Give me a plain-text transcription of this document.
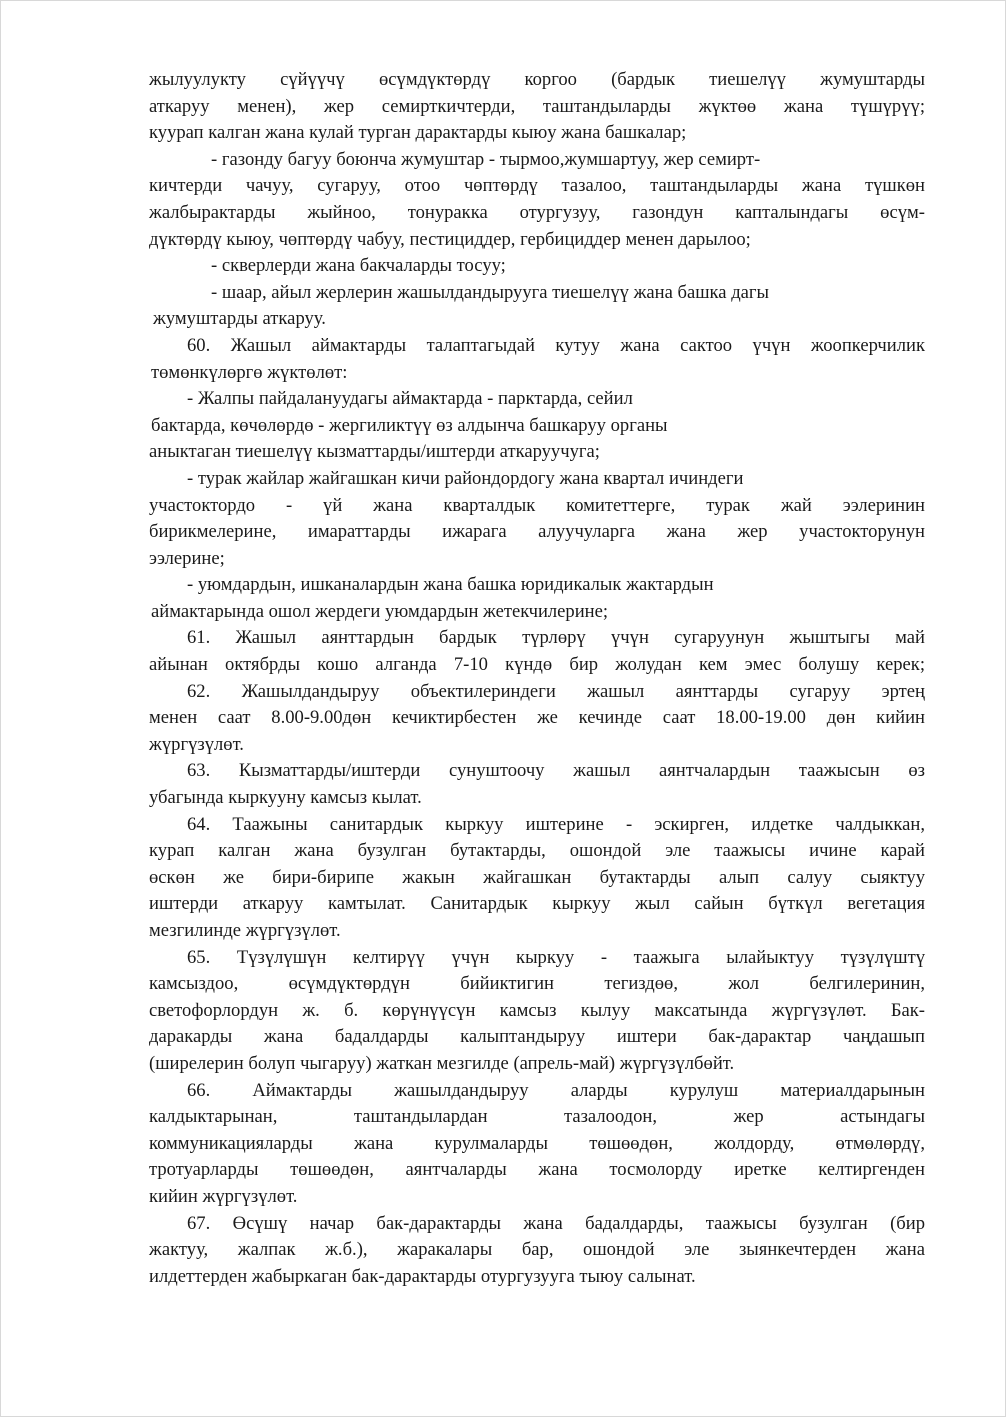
жылуулукту сүйүүчү өсүмдүктөрдү коргоо (бардык тиешелүү жумуштарды
аткаруу менен), жер семирткичтерди, таштандыларды жүктөө жана түшүрүү;
куурап калган жана кулай турган дарактарды кыюу жана башкалар;
- газонду багуу боюнча жумуштар - тырмоо,жумшартуу, жер семирт-
кичтерди чачуу, сугаруу, отоо чөптөрдү тазалоо, таштандыларды жана түшкөн
жалбырактарды жыйноо, тонуракка отургузуу, газондун капталындагы өсүм-
дүктөрдү кыюу, чөптөрдү чабуу, пестициддер, гербициддер менен дарылоо;
- скверлерди жана бакчаларды тосуу;
- шаар, айыл жерлерин жашылдандырууга тиешелүү жана башка дагы
жумуштарды аткаруу.
60. Жашыл аймактарды талаптагыдай кутуу жана сактоо үчүн жоопкерчилик
төмөнкүлөргө жүктөлөт:
- Жалпы пайдалануудагы аймактарда - парктарда, сейил
бактарда, көчөлөрдө - жергиликтүү өз алдынча башкаруу органы
аныктаган тиешелүү кызматтарды/иштерди аткаруучуга;
- турак жайлар жайгашкан кичи райондордогу жана квартал ичиндеги
участоктордо - үй жана кварталдык комитеттерге, турак жай ээлеринин
бирикмелерине, имараттарды ижарага алуучуларга жана жер участокторунун
ээлерине;
- уюмдардын, ишканалардын жана башка юридикалык жактардын
аймактарында ошол жердеги уюмдардын жетекчилерине;
61. Жашыл аянттардын бардык түрлөрү үчүн сугаруунун жыштыгы май
айынан октябрды кошо алганда 7-10 күндө бир жолудан кем эмес болушу керек;
62. Жашылдандыруу объектилериндеги жашыл аянттарды сугаруу эртең
менен саат 8.00-9.00дөн кечиктирбестен же кечинде саат 18.00-19.00 дөн кийин
жүргүзүлөт.
63. Кызматтарды/иштерди сунуштоочу жашыл аянтчалардын таажысын өз
убагында кыркууну камсыз кылат.
64. Таажыны санитардык кыркуу иштерине - эскирген, илдетке чалдыккан,
курап калган жана бузулган бутактарды, ошондой эле таажысы ичине карай
өскөн же бири-бирипе жакын жайгашкан бутактарды алып салуу сыяктуу
иштерди аткаруу камтылат. Санитардык кыркуу жыл сайын бүткүл вегетация
мезгилинде жүргүзүлөт.
65. Түзүлүшүн келтирүү үчүн кыркуу - таажыга ылайыктуу түзүлүштү
камсыздоо, өсүмдүктөрдүн бийиктигин тегиздөө, жол белгилеринин,
светофорлордун ж. б. көрүнүүсүн камсыз кылуу максатында жүргүзүлөт. Бак-
даракарды жана бадалдарды калыптандыруу иштери бак-дарактар чаңдашып
(ширелерин болуп чыгаруу) жаткан мезгилде (апрель-май) жүргүзүлбөйт.
66. Аймактарды жашылдандыруу аларды курулуш материалдарынын
калдыктарынан, таштандылардан тазалоодон, жер астындагы
коммуникацияларды жана курулмаларды төшөөдөн, жолдорду, өтмөлөрдү,
тротуарларды төшөөдөн, аянтчаларды жана тосмолорду иретке келтиргенден
кийин жүргүзүлөт.
67. Өсүшү начар бак-дарактарды жана бадалдарды, таажысы бузулган (бир
жактуу, жалпак ж.б.), жаракалары бар, ошондой эле зыянкечтерден жана
илдеттерден жабыркаган бак-дарактарды отургузууга тыюу салынат.
